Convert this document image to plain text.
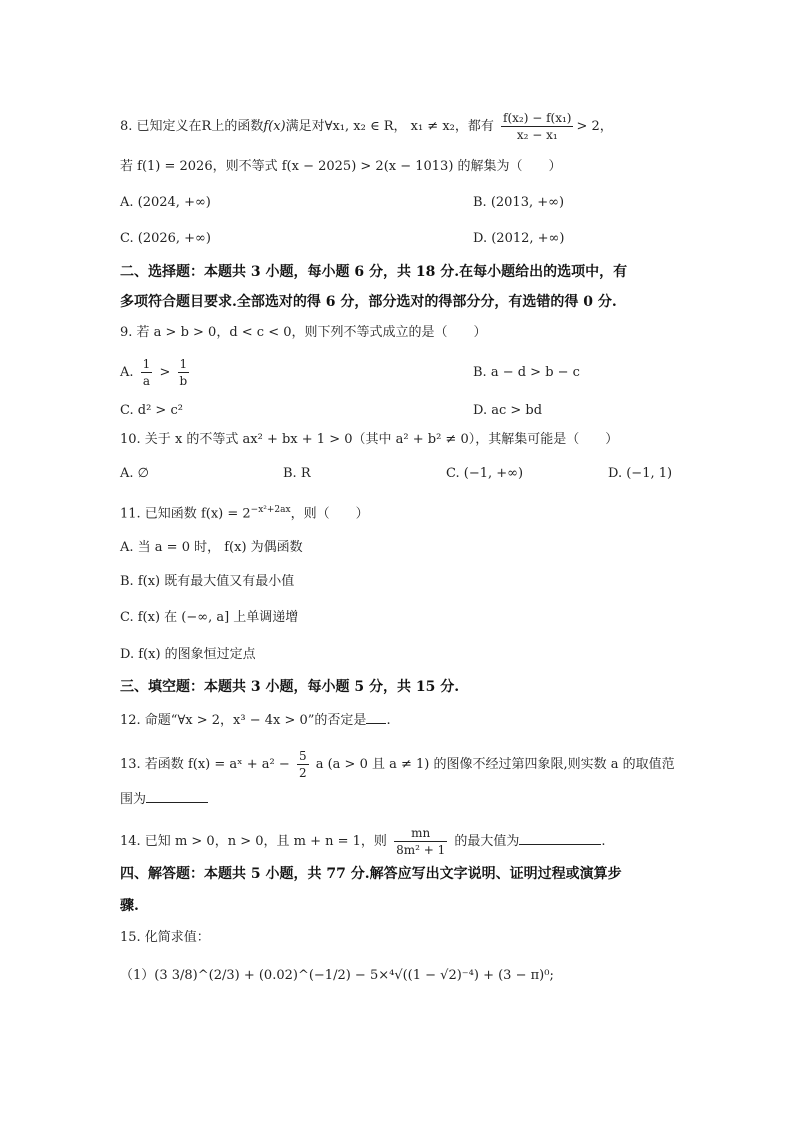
8. 已知定义在R上的函数f(x)满足对∀x₁, x₂ ∈ R， x₁ ≠ x₂，都有 $\frac{\text{f(x₂) − f(x₁)}}{\text{x₂ − x₁}} > 2$，
若 f(1) = 2026，则不等式 f(x − 2025) > 2(x − 1013) 的解集为（　　）
A. (2024, +∞)	B. (2013, +∞)
C. (2026, +∞)	D. (2012, +∞)
二、选择题：本题共 3 小题，每小题 6 分，共 18 分.在每小题给出的选项中，有
多项符合题目要求.全部选对的得 6 分，部分选对的得部分分，有选错的得 0 分.
9. 若 a > b > 0，d < c < 0，则下列不等式成立的是（　　）
A. $\frac{1}{a} > \frac{1}{b}$	B. a − d > b − c
C. d² > c²	D. ac > bd
10. 关于 x 的不等式 ax² + bx + 1 > 0（其中 a² + b² ≠ 0），其解集可能是（　　）
A. ∅	B. R	C. (−1, +∞)	D. (−1, 1)
11. 已知函数 $f(x) = 2^{-x^2+2ax}$，则（　　）
A. 当 a = 0 时， f(x) 为偶函数
B. f(x) 既有最大值又有最小值
C. f(x) 在 (−∞, a] 上单调递增
D. f(x) 的图象恒过定点
三、填空题：本题共 3 小题，每小题 5 分，共 15 分.
12. 命题“∀x > 2，x³ − 4x > 0”的否定是 .
13. 若函数 f(x) = aˣ + $a^2 - \frac{5}{2}$ a (a > 0 且 a ≠ 1) 的图像不经过第四象限,则实数 a 的取值范
围为
14. 已知 m > 0，n > 0，且 m + n = 1，则 $\frac{mn}{\text{8m² + 1}}$ 的最大值为	.
四、解答题：本题共 5 小题，共 77 分.解答应写出文字说明、证明过程或演算步
骤.
15. 化简求值：
（1）(3 3/8)^(2/3) + (0.02)^(−1/2) − 5×⁴√((1 − √2)⁻⁴) + (3 − π)⁰;
